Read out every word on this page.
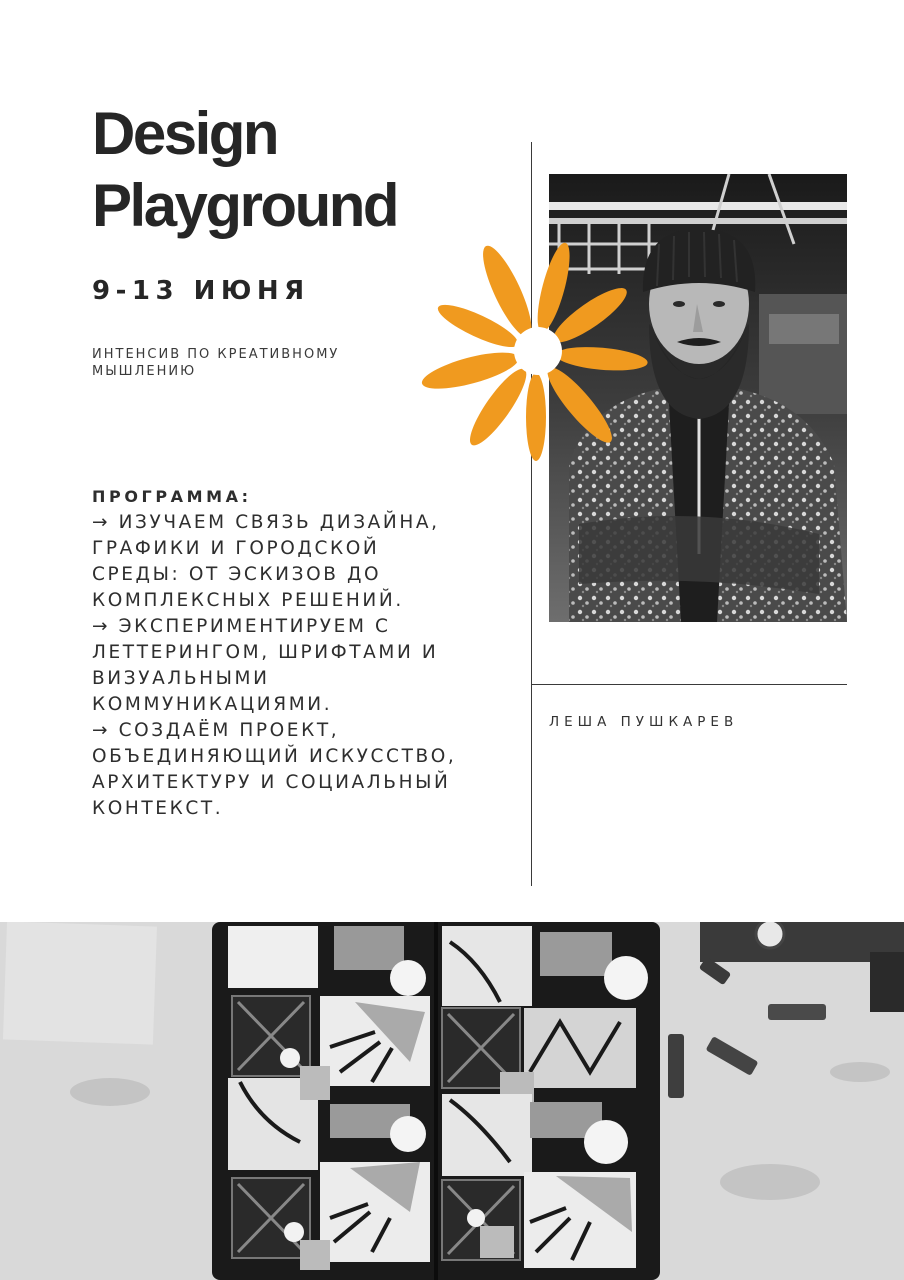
Design
Playground
9-13 ИЮНЯ
ИНТЕНСИВ ПО КРЕАТИВНОМУ МЫШЛЕНИЮ
ПРОГРАММА:
→ ИЗУЧАЕМ СВЯЗЬ ДИЗАЙНА, ГРАФИКИ И ГОРОДСКОЙ СРЕДЫ: ОТ ЭСКИЗОВ ДО КОМПЛЕКСНЫХ РЕШЕНИЙ.
→ ЭКСПЕРИМЕНТИРУЕМ С ЛЕТТЕРИНГОМ, ШРИФТАМИ И ВИЗУАЛЬНЫМИ КОММУНИКАЦИЯМИ.
→ СОЗДАЁМ ПРОЕКТ, ОБЪЕДИНЯЮЩИЙ ИСКУССТВО, АРХИТЕКТУРУ И СОЦИАЛЬНЫЙ КОНТЕКСТ.
ЛЕША ПУШКАРЕВ
